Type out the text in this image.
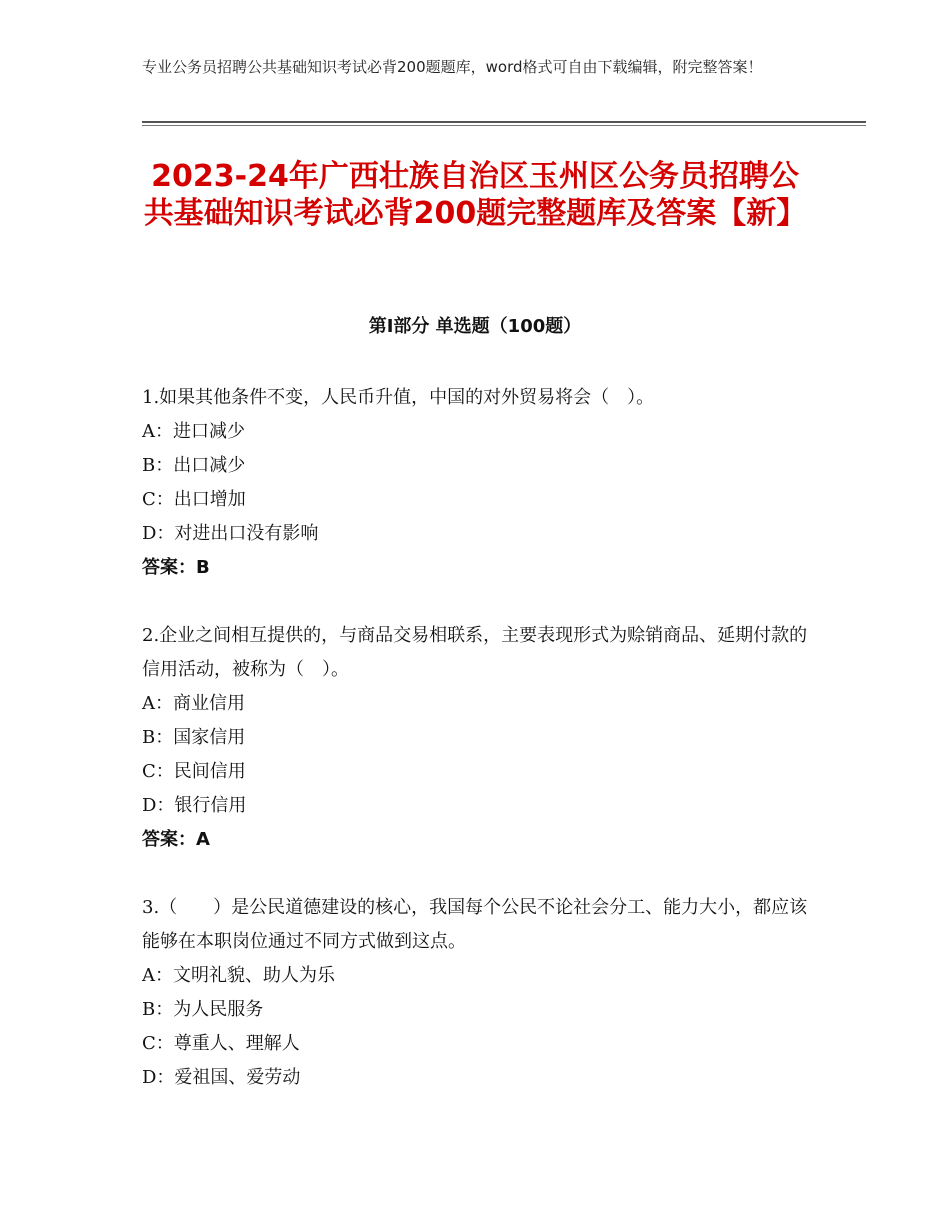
专业公务员招聘公共基础知识考试必背200题题库，word格式可自由下载编辑，附完整答案！
2023-24年广西壮族自治区玉州区公务员招聘公共基础知识考试必背200题完整题库及答案【新】
第Ⅰ部分 单选题（100题）

1.如果其他条件不变，人民币升值，中国的对外贸易将会（　）。

A：进口减少

B：出口减少

C：出口增加

D：对进出口没有影响

答案：B

2.企业之间相互提供的，与商品交易相联系，主要表现形式为赊销商品、延期付款的信用活动，被称为（　）。

A：商业信用

B：国家信用

C：民间信用

D：银行信用

答案：A

3.（　　）是公民道德建设的核心，我国每个公民不论社会分工、能力大小，都应该能够在本职岗位通过不同方式做到这点。

A：文明礼貌、助人为乐

B：为人民服务

C：尊重人、理解人

D：爱祖国、爱劳动
